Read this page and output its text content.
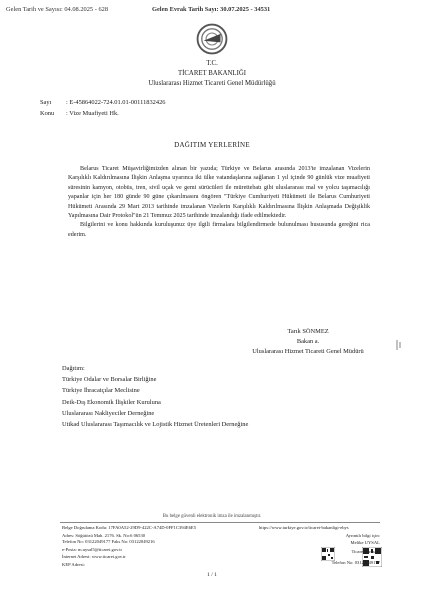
Gelen Tarih ve Sayısı: 04.08.2025 - 628	Gelen Evrak Tarih Sayı: 30.07.2025 - 34531
T.C.
TİCARET BAKANLIĞI
Uluslararası Hizmet Ticareti Genel Müdürlüğü
Sayı : E-45864022-724.01.01-00111832426
Konu : Vize Muafiyeti Hk.
DAĞITIM YERLERİNE

Belarus Ticaret Müşavirliğimizden alınan bir yazıda; Türkiye ve Belarus arasında 2013'te imzalanan Vizelerin Karşılıklı Kaldırılmasına İlişkin Anlaşma uyarınca iki ülke vatandaşlarına sağlanan 1 yıl içinde 90 günlük vize muafiyeti süresinin kamyon, otobüs, tren, sivil uçak ve gemi sürücüleri ile mürettebatı gibi uluslararası mal ve yolcu taşımacılığı yapanlar için her 180 günde 90 güne çıkarılmasını öngören "Türkiye Cumhuriyeti Hükümeti ile Belarus Cumhuriyeti Hükümeti Arasında 29 Mart 2013 tarihinde imzalanan Vizelerin Karşılıklı Kaldırılmasına İlişkin Anlaşmada Değişiklik Yapılmasına Dair Protokol"ün 21 Temmuz 2025 tarihinde imzalandığı ifade edilmektedir.

Bilgilerini ve konu hakkında kuruluşunuz üye ilgili firmalara bilgilendirmede bulunulması hususunda gereğini rica ederim.

Tarık SÖNMEZ
Bakan a.
Uluslararası Hizmet Ticareti Genel Müdürü
Dağıtım:
Türkiye Odalar ve Borsalar Birliğine
Türkiye İhracatçılar Meclisine
Deik-Dış Ekonomik İlişkiler Kuruluna
Uluslararası Nakliyeciler Derneğine
Utikad Uluslararası Taşımacılık ve Lojistik Hizmet Üretenleri Derneğine
Bu belge güvenli elektronik imza ile imzalanmıştır.
Belge Doğrulama Kodu: 17FA0A52-29D9-422C-A74D-0FF1C394E6E5	https://www.turkiye.gov.tr/ticaret-bakanligi-ebys
Adres: Söğütözü Mah. 2176. Sk. No:6 06530
Telefon No: 03122049177 Faks No: 03122049216
e-Posta: m.uysal5@ticaret.gov.tr
İnternet Adresi: www.ticaret.gov.tr
KEP Adresi:
Ayrıntılı bilgi için:
Melike UYSAL
Ticaret Uzmanı
Telefon No: 03122049177
1 / 1
